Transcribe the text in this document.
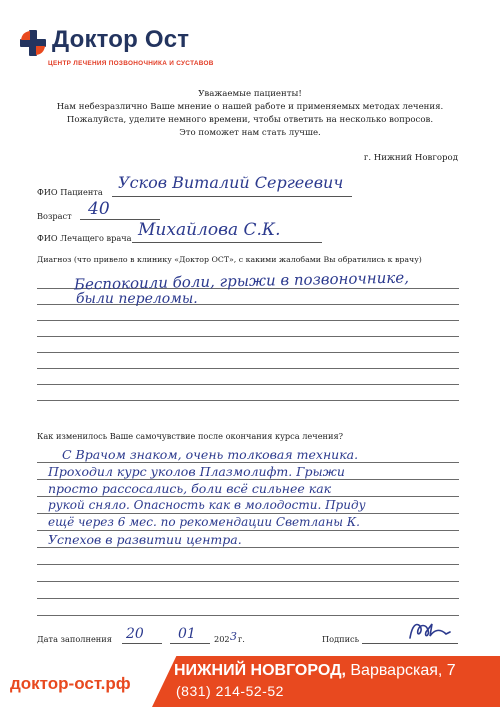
Доктор Ост
ЦЕНТР ЛЕЧЕНИЯ ПОЗВОНОЧНИКА И СУСТАВОВ
Уважаемые пациенты!
Нам небезразлично Ваше мнение о нашей работе и применяемых методах лечения.
Пожалуйста, уделите немного времени, чтобы ответить на несколько вопросов.
Это поможет нам стать лучше.
г. Нижний Новгород
ФИО Пациента Усков Виталий Сергеевич
Возраст 40
ФИО Лечащего врача Михайлова С.К.
Диагноз (что привело в клинику «Доктор ОСТ», с какими жалобами Вы обратились к врачу)
Беспокоили боли, грыжи в позвоночнике,
были переломы.
Как изменилось Ваше самочувствие после окончания курса лечения?
С Врачом знаком, очень толковая техника.
Проходил курс уколов Плазмолифт. Грыжи
просто рассосались, боли всё сильнее как
рукой сняло. Опасность как в молодости. Приду
ещё через 6 мес. по рекомендации Светланы К.
Успехов в развитии центра.
Дата заполнения 20 01 202 3 г.	Подпись
доктор-ост.рф
НИЖНИЙ НОВГОРОД, Варварская, 7
(831) 214-52-52
